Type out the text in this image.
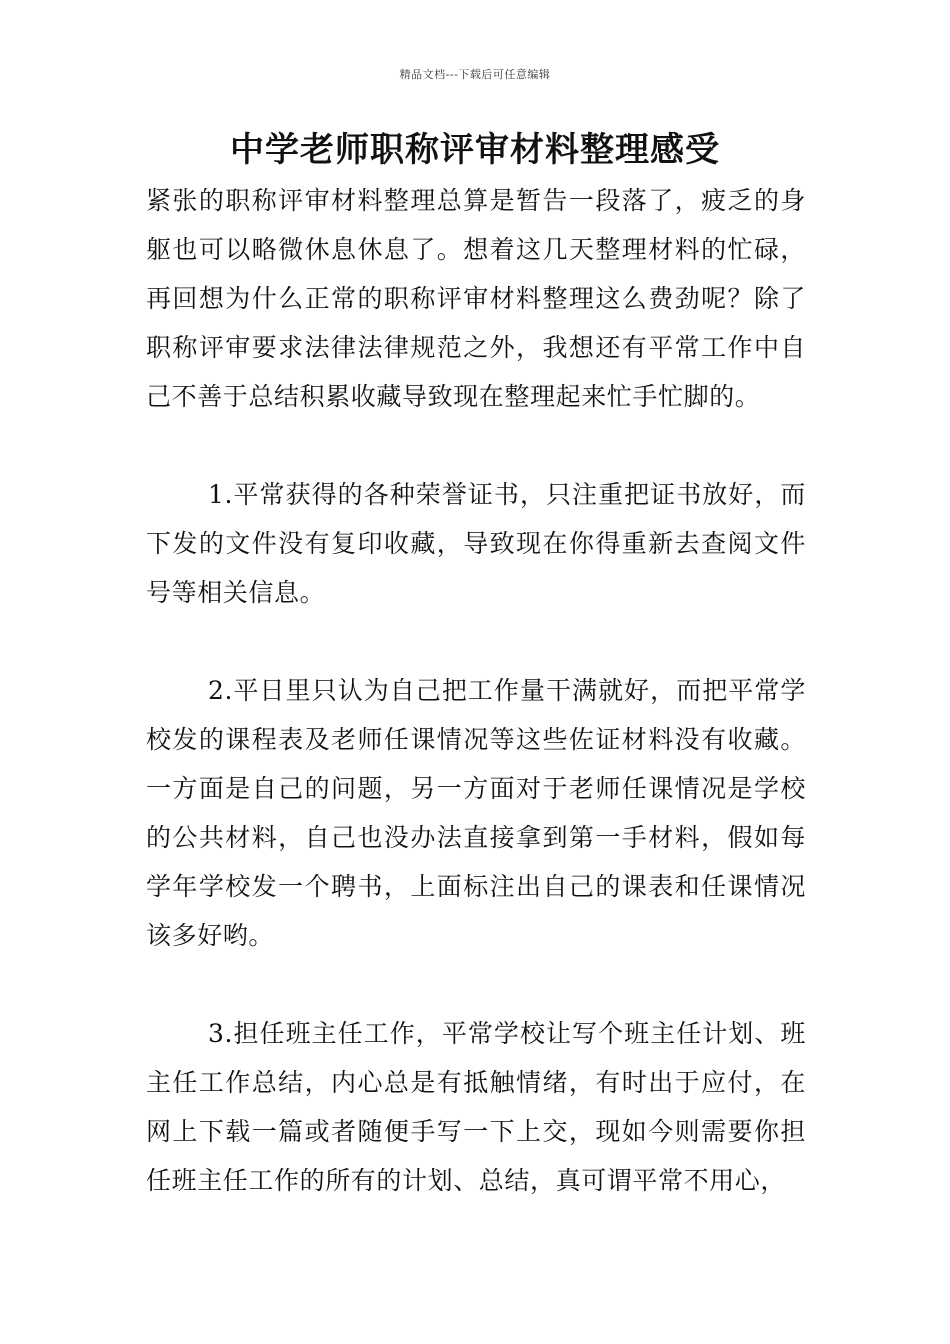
精品文档---下载后可任意编辑
中学老师职称评审材料整理感受

紧张的职称评审材料整理总算是暂告一段落了，疲乏的身躯也可以略微休息休息了。想着这几天整理材料的忙碌，再回想为什么正常的职称评审材料整理这么费劲呢？除了职称评审要求法律法律规范之外，我想还有平常工作中自己不善于总结积累收藏导致现在整理起来忙手忙脚的。

1.平常获得的各种荣誉证书，只注重把证书放好，而下发的文件没有复印收藏，导致现在你得重新去查阅文件号等相关信息。

2.平日里只认为自己把工作量干满就好，而把平常学校发的课程表及老师任课情况等这些佐证材料没有收藏。一方面是自己的问题，另一方面对于老师任课情况是学校的公共材料，自己也没办法直接拿到第一手材料，假如每学年学校发一个聘书，上面标注出自己的课表和任课情况该多好哟。

3.担任班主任工作，平常学校让写个班主任计划、班主任工作总结，内心总是有抵触情绪，有时出于应付，在网上下载一篇或者随便手写一下上交，现如今则需要你担任班主任工作的所有的计划、总结，真可谓平常不用心，
